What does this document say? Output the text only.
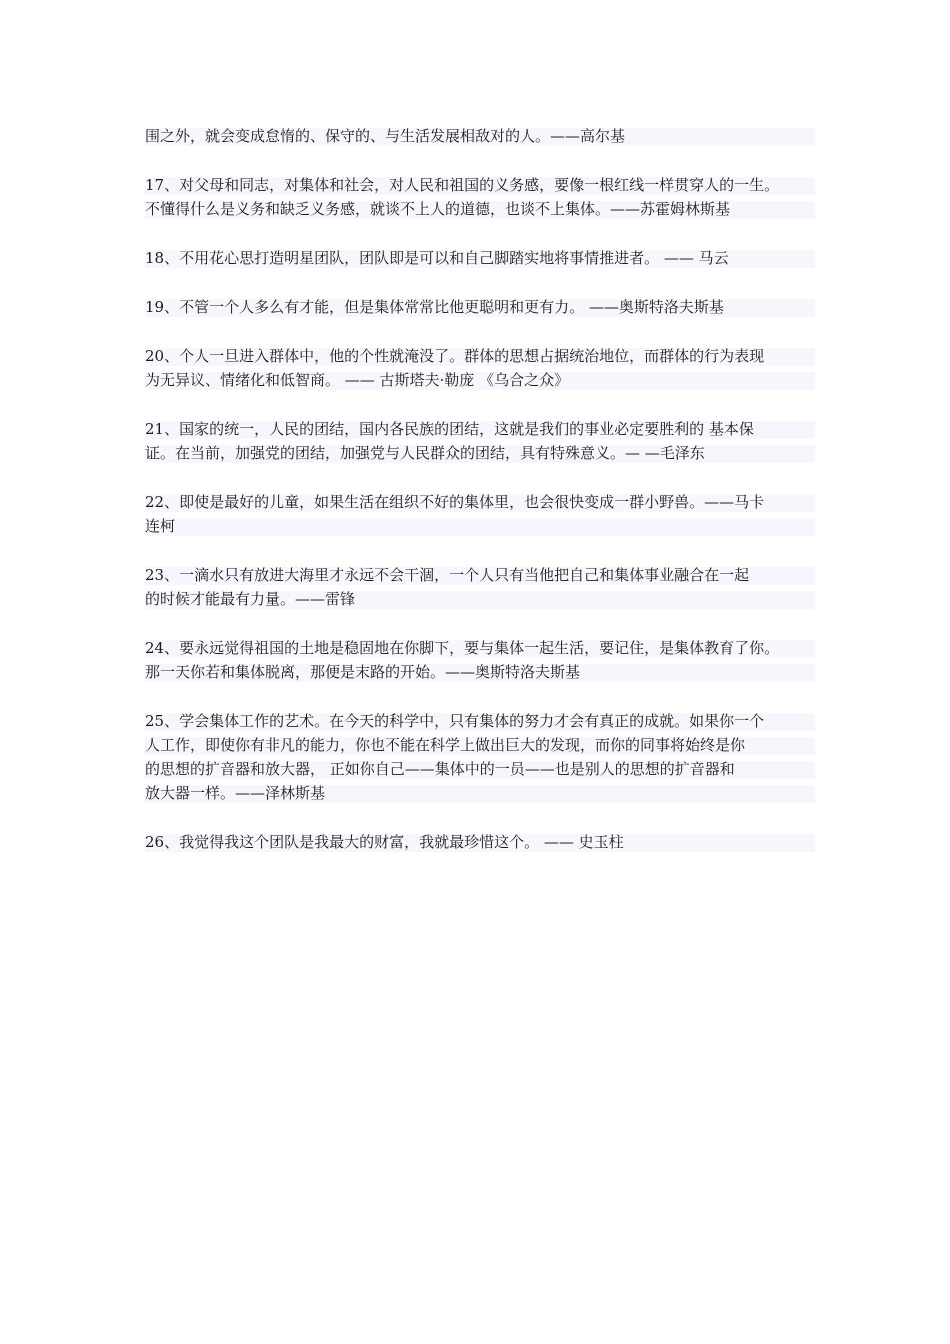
围之外，就会变成怠惰的、保守的、与生活发展相敌对的人。——高尔基

17、对父母和同志，对集体和社会，对人民和祖国的义务感，要像一根红线一样贯穿人的一生。
不懂得什么是义务和缺乏义务感，就谈不上人的道德，也谈不上集体。——苏霍姆林斯基

18、不用花心思打造明星团队，团队即是可以和自己脚踏实地将事情推进者。 —— 马云

19、不管一个人多么有才能，但是集体常常比他更聪明和更有力。 ——奥斯特洛夫斯基

20、个人一旦进入群体中，他的个性就淹没了。群体的思想占据统治地位，而群体的行为表现
为无异议、情绪化和低智商。 —— 古斯塔夫·勒庞 《乌合之众》

21、国家的统一，人民的团结，国内各民族的团结，这就是我们的事业必定要胜利的 基本保
证。在当前，加强党的团结，加强党与人民群众的团结，具有特殊意义。— —毛泽东

22、即使是最好的儿童，如果生活在组织不好的集体里，也会很快变成一群小野兽。——马卡
连柯

23、一滴水只有放进大海里才永远不会干涸，一个人只有当他把自己和集体事业融合在一起
的时候才能最有力量。——雷锋

24、要永远觉得祖国的土地是稳固地在你脚下，要与集体一起生活，要记住，是集体教育了你。
那一天你若和集体脱离，那便是末路的开始。——奥斯特洛夫斯基

25、学会集体工作的艺术。在今天的科学中，只有集体的努力才会有真正的成就。如果你一个
人工作，即使你有非凡的能力，你也不能在科学上做出巨大的发现，而你的同事将始终是你
的思想的扩音器和放大器， 正如你自己——集体中的一员——也是别人的思想的扩音器和
放大器一样。——泽林斯基

26、我觉得我这个团队是我最大的财富，我就最珍惜这个。 —— 史玉柱
